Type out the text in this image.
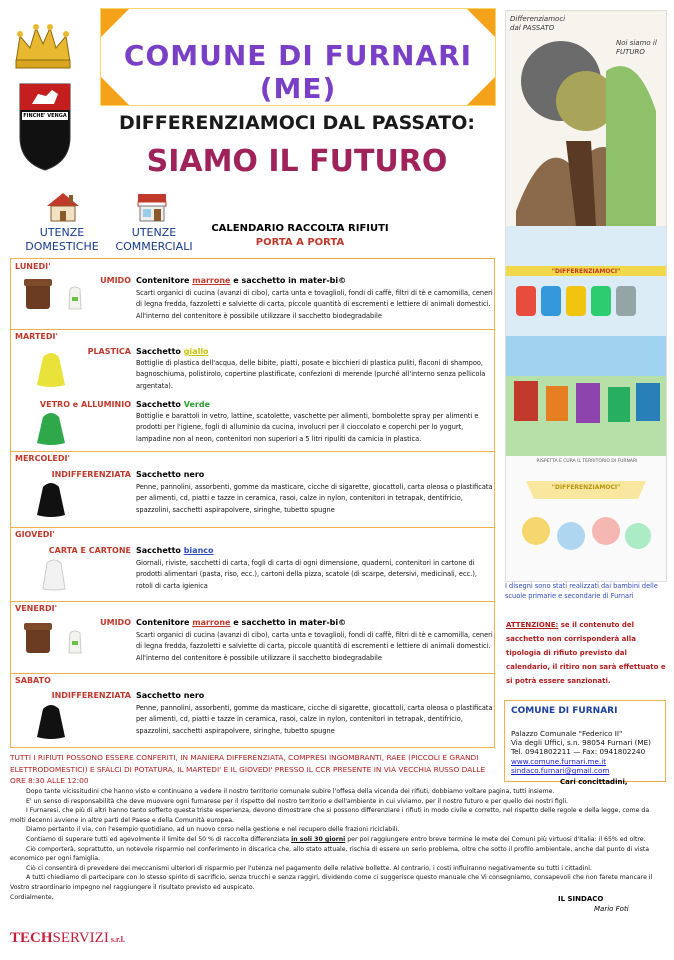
FINCHE' VENGA
COMUNE DI FURNARI (ME)
DIFFERENZIAMOCI DAL PASSATO:
SIAMO IL FUTURO
UTENZE DOMESTICHE
UTENZE COMMERCIALI
CALENDARIO RACCOLTA RIFIUTI
PORTA A PORTA
LUNEDI'
UMIDO Contenitore marrone e sacchetto in mater-bi©
Scarti organici di cucina (avanzi di cibo), carta unta e tovaglioli, fondi di caffè, filtri di tè e camomilla, ceneri di legna fredda, fazzoletti e salviette di carta, piccole quantità di escrementi e lettiere di animali domestici. All'interno del contenitore è possibile utilizzare il sacchetto biodegradabile
MARTEDI'
PLASTICA Sacchetto giallo
Bottiglie di plastica dell'acqua, delle bibite, piatti, posate e bicchieri di plastica puliti, flaconi di shampoo, bagnoschiuma, polistirolo, copertine plastificate, confezioni di merende (purché all'interno senza pellicola argentata).
VETRO e ALLUMINIO Sacchetto Verde
Bottiglie e barattoli in vetro, lattine, scatolette, vaschette per alimenti, bombolette spray per alimenti e prodotti per l'igiene, fogli di alluminio da cucina, involucri per il cioccolato e coperchi per lo yogurt, lampadine non al neon, contenitori non superiori a 5 litri ripuliti da camicia in plastica.
MERCOLEDI'
INDIFFERENZIATA Sacchetto nero
Penne, pannolini, assorbenti, gomme da masticare, cicche di sigarette, giocattoli, carta oleosa o plastificata per alimenti, cd, piatti e tazze in ceramica, rasoi, calze in nylon, contenitori in tetrapak, dentifricio, spazzolini, sacchetti aspirapolvere, siringhe, tubetto spugne
GIOVEDI'
CARTA E CARTONE Sacchetto bianco
Giornali, riviste, sacchetti di carta, fogli di carta di ogni dimensione, quaderni, contenitori in cartone di prodotti alimentari (pasta, riso, ecc.), cartoni della pizza, scatole (di scarpe, detersivi, medicinali, ecc.), rotoli di carta igienica
VENERDI'
UMIDO Contenitore marrone e sacchetto in mater-bi©
Scarti organici di cucina (avanzi di cibo), carta unta e tovaglioli, fondi di caffè, filtri di tè e camomilla, ceneri di legna fredda, fazzoletti e salviette di carta, piccole quantità di escrementi e lettiere di animali domestici. All'interno del contenitore è possibile utilizzare il sacchetto biodegradabile
SABATO
INDIFFERENZIATA Sacchetto nero
Penne, pannolini, assorbenti, gomme da masticare, cicche di sigarette, giocattoli, carta oleosa o plastificata per alimenti, cd, piatti e tazze in ceramica, rasoi, calze in nylon, contenitori in tetrapak, dentifricio, spazzolini, sacchetti aspirapolvere, siringhe, tubetto spugne
TUTTI I RIFIUTI POSSONO ESSERE CONFERITI, IN MANIERA DIFFERENZIATA, COMPRESI INGOMBRANTI, RAEE (PICCOLI E GRANDI ELETTRODOMESTICI) E SFALCI DI POTATURA, IL MARTEDI' E IL GIOVEDI' PRESSO IL CCR PRESENTE IN VIA VECCHIA RUSSO DALLE ORE 8:30 ALLE 12:00
Differenziamoci dal PASSATO
Noi siamo il FUTURO
"DIFFERENZIAMOCI"
RISPETTA E CURA IL TERRITORIO DI FURNARI
"DIFFERENZIAMOCI"
I disegni sono stati realizzati dai bambini delle scuole primarie e secondarie di Furnari
ATTENZIONE: se il contenuto del sacchetto non corrisponderà alla tipologia di rifiuto previsto dal calendario, il ritiro non sarà effettuato e si potrà essere sanzionati.
COMUNE DI FURNARI
Palazzo Comunale "Federico II"
Via degli Uffici, s.n. 98054 Furnari (ME)
Tel. 0941802211 — Fax: 0941802240
www.comune.furnari.me.it
sindaco.furnari@gmail.com
Cari concittadini,

Dopo tante vicissitudini che hanno visto e continuano a vedere il nostro territorio comunale subire l'offesa della vicenda dei rifiuti, dobbiamo voltare pagina, tutti insieme.

E' un senso di responsabilità che deve muovere ogni furnarese per il rispetto del nostro territorio e dell'ambiente in cui viviamo, per il nostro futuro e per quello dei nostri figli.

I Furnaresi, che più di altri hanno tanto sofferto questa triste esperienza, devono dimostrare che si possono differenziare i rifiuti in modo civile e corretto, nel rispetto delle regole e della legge, come da molti decenni avviene in altre parti del Paese e della Comunità europea.

Diamo pertanto il via, con l'esempio quotidiano, ad un nuovo corso nella gestione e nel recupero delle frazioni riciclabili.

Contiamo di superare tutti ed agevolmente il limite del 50 % di raccolta differenziata in soli 30 giorni per poi raggiungere entro breve termine le mete dei Comuni più virtuosi d'Italia: il 65% ed oltre.

Ciò comporterà, soprattutto, un notevole risparmio nel conferimento in discarica che, allo stato attuale, rischia di essere un serio problema, oltre che sotto il profilo ambientale, anche dal punto di vista economico per ogni famiglia.

Ciò ci consentirà di prevedere dei meccanismi ulteriori di risparmio per l'utenza nel pagamento delle relative bollette. Al contrario, i costi influiranno negativamente su tutti i cittadini.

A tutti chiediamo di partecipare con lo stesso spirito di sacrificio, senza trucchi e senza raggiri, dividendo come ci suggerisce questo manuale che Vi consegniamo, consapevoli che non farete mancare il Vostro straordinario impegno nel raggiungere il risultato previsto ed auspicato.

Cordialmente,	IL SINDACO
Mario Foti
TECHSERVIZI s.r.l.
